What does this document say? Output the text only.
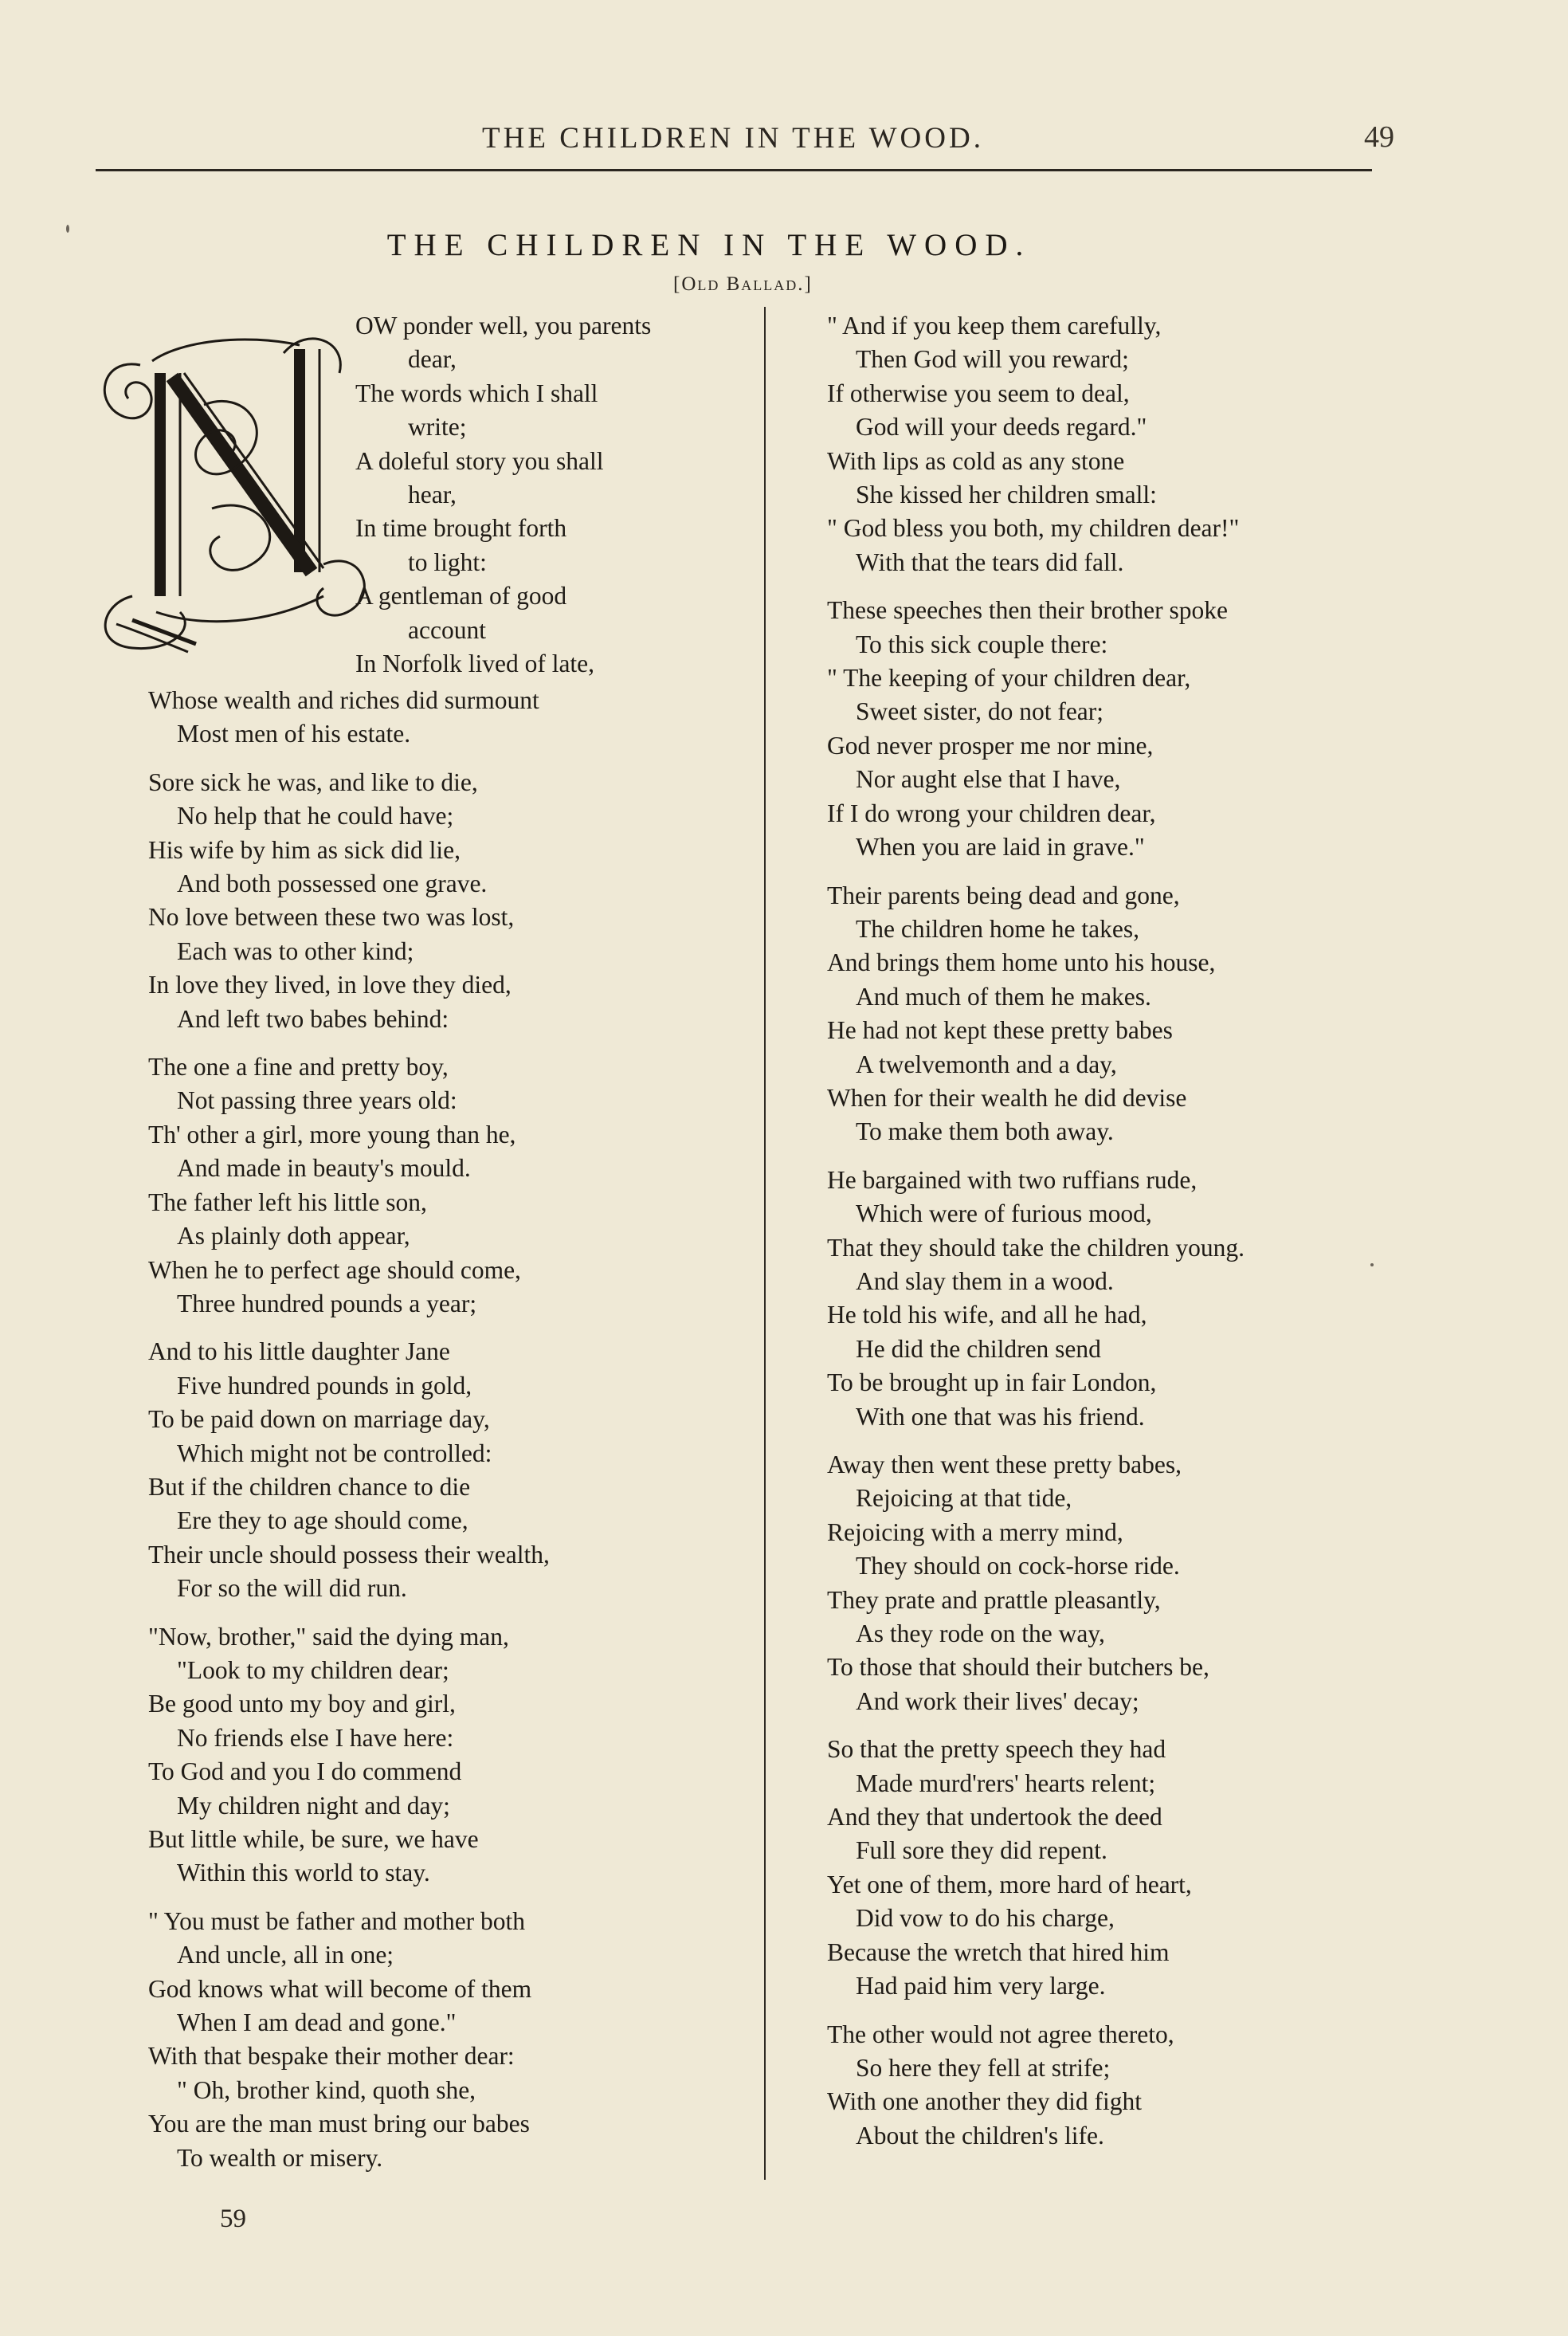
THE CHILDREN IN THE WOOD.	49
THE CHILDREN IN THE WOOD.
[Old Ballad.]

OW ponder well, you parents

dear,

The words which I shall

write;

A doleful story you shall

hear,

In time brought forth

to light:

A gentleman of good

account

In Norfolk lived of late,

Whose wealth and riches did surmount

Most men of his estate.

Sore sick he was, and like to die,

No help that he could have;

His wife by him as sick did lie,

And both possessed one grave.

No love between these two was lost,

Each was to other kind;

In love they lived, in love they died,

And left two babes behind:

The one a fine and pretty boy,

Not passing three years old:

Th' other a girl, more young than he,

And made in beauty's mould.

The father left his little son,

As plainly doth appear,

When he to perfect age should come,

Three hundred pounds a year;

And to his little daughter Jane

Five hundred pounds in gold,

To be paid down on marriage day,

Which might not be controlled:

But if the children chance to die

Ere they to age should come,

Their uncle should possess their wealth,

For so the will did run.

"Now, brother," said the dying man,

"Look to my children dear;

Be good unto my boy and girl,

No friends else I have here:

To God and you I do commend

My children night and day;

But little while, be sure, we have

Within this world to stay.

" You must be father and mother both

And uncle, all in one;

God knows what will become of them

When I am dead and gone."

With that bespake their mother dear:

" Oh, brother kind, quoth she,

You are the man must bring our babes

To wealth or misery.

" And if you keep them carefully,

Then God will you reward;

If otherwise you seem to deal,

God will your deeds regard."

With lips as cold as any stone

She kissed her children small:

" God bless you both, my children dear!"

With that the tears did fall.

These speeches then their brother spoke

To this sick couple there:

" The keeping of your children dear,

Sweet sister, do not fear;

God never prosper me nor mine,

Nor aught else that I have,

If I do wrong your children dear,

When you are laid in grave."

Their parents being dead and gone,

The children home he takes,

And brings them home unto his house,

And much of them he makes.

He had not kept these pretty babes

A twelvemonth and a day,

When for their wealth he did devise

To make them both away.

He bargained with two ruffians rude,

Which were of furious mood,

That they should take the children young.

And slay them in a wood.

He told his wife, and all he had,

He did the children send

To be brought up in fair London,

With one that was his friend.

Away then went these pretty babes,

Rejoicing at that tide,

Rejoicing with a merry mind,

They should on cock-horse ride.

They prate and prattle pleasantly,

As they rode on the way,

To those that should their butchers be,

And work their lives' decay;

So that the pretty speech they had

Made murd'rers' hearts relent;

And they that undertook the deed

Full sore they did repent.

Yet one of them, more hard of heart,

Did vow to do his charge,

Because the wretch that hired him

Had paid him very large.

The other would not agree thereto,

So here they fell at strife;

With one another they did fight

About the children's life.

59
